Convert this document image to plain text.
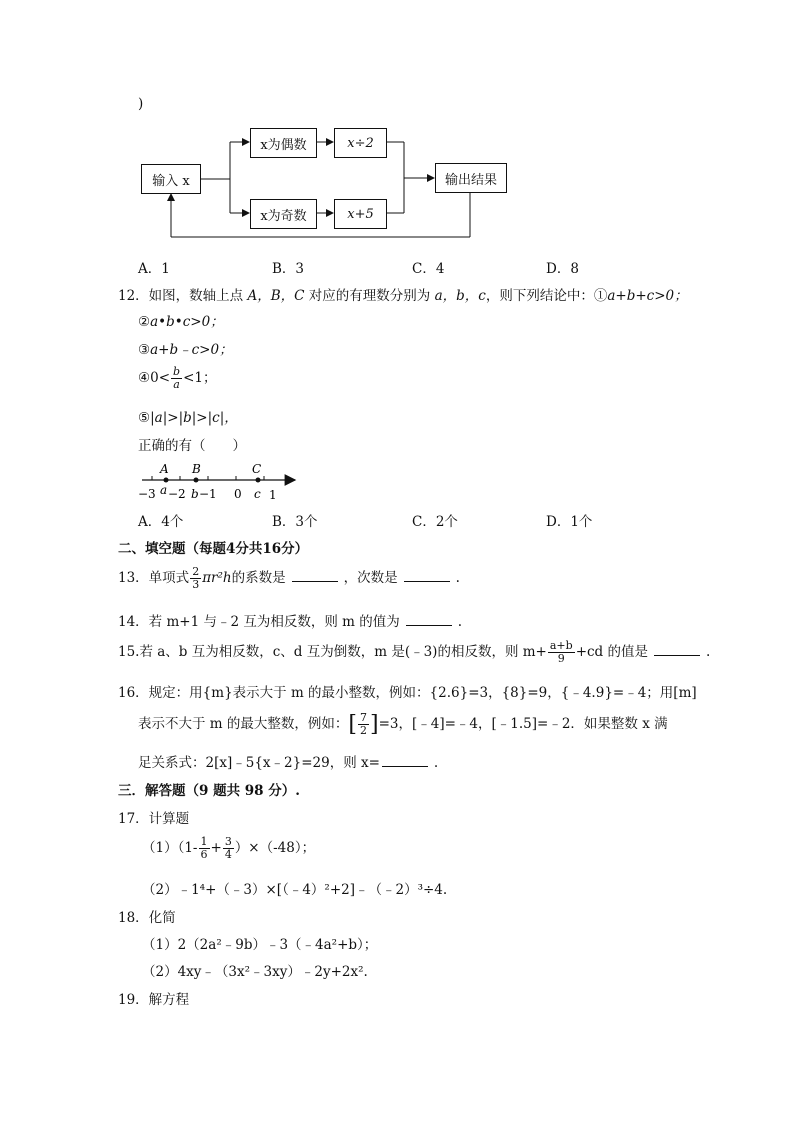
)
输入 x
x为偶数
x为奇数
x÷2
x+5
输出结果
A．1	B．3	C．4	D．8
12．如图，数轴上点 A，B，C 对应的有理数分别为 a，b，c，则下列结论中：①a+b+c>0；
②a•b•c>0；
③a+b﹣c>0；
④0< $\frac{b}{a} <1$；
⑤|a|>|b|>|c|，
正确的有（　　）
A B	C
−3 a −2 b −1 0 c 1
A．4个	B．3个	C．2个	D．1个
二、填空题（每题4分共16分）
13．单项式 $\frac{2}{3} \pi r^2h$的系数是	，次数是	.
14．若 m+1 与﹣2 互为相反数，则 m 的值为	.
15.若 a、b 互为相反数，c、d 互为倒数，m 是(﹣3)的相反数，则 $m+ \frac{a+b}{9} +cd$ 的值是	.
16．规定：用{m}表示大于 m 的最小整数，例如：{2.6}=3，{8}=9，{﹣4.9}=﹣4；用[m]
表示不大于 m 的最大整数，例如：[ $\frac{7}{2} ]=3$，[﹣4]=﹣4，[﹣1.5]=﹣2．如果整数 x 满
足关系式：2[x]﹣5{x﹣2}=29，则 x=	.
三．解答题（9 题共 98 分）.
17．计算题
$(1)(1- \frac{1}{6} + \frac{3}{4} )\times(-48)$；
（2）﹣1⁴+（﹣3）×[（﹣4）²+2]﹣（﹣2）³÷4.
18．化简
（1）2（2a²﹣9b）﹣3（﹣4a²+b）；
（2）4xy﹣（3x²﹣3xy）﹣2y+2x².
19．解方程
